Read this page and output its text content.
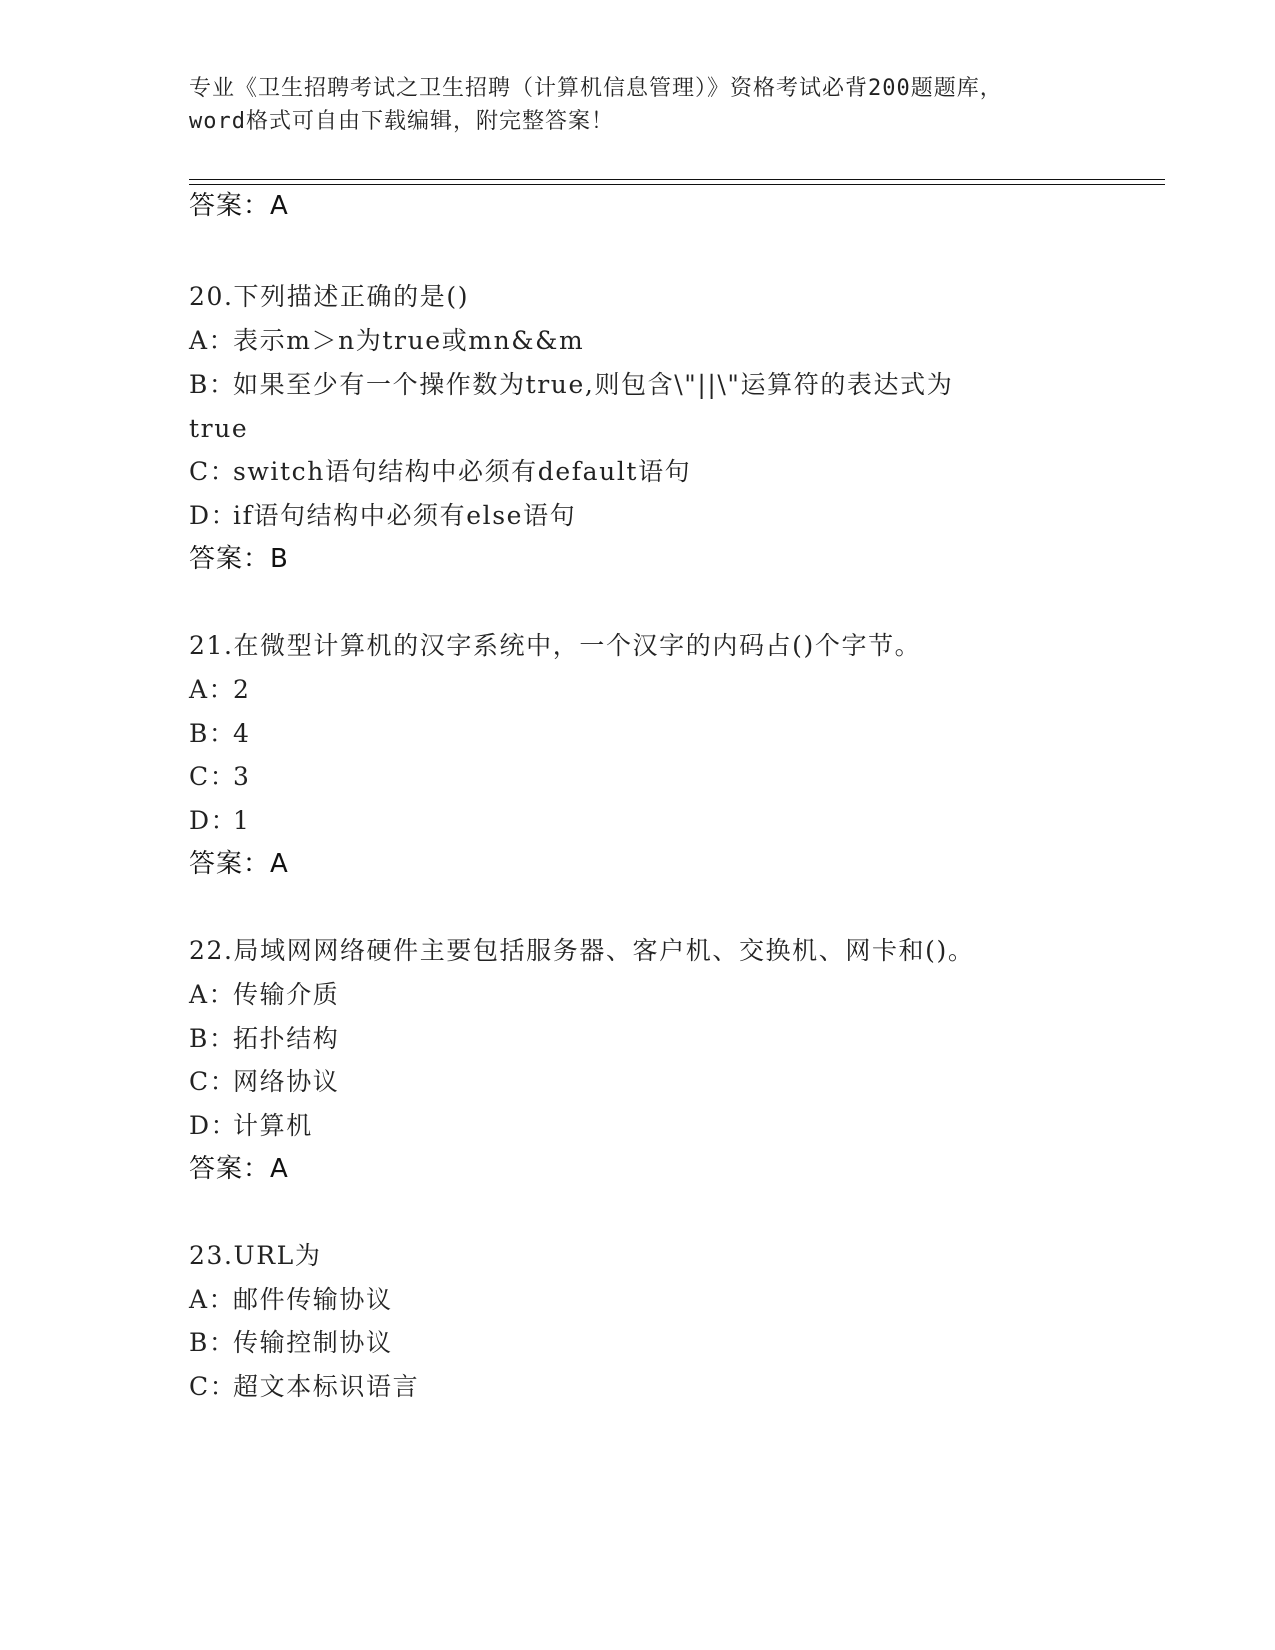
专业《卫生招聘考试之卫生招聘（计算机信息管理）》资格考试必背200题题库，
word格式可自由下载编辑，附完整答案！
答案：A
20.下列描述正确的是()
A：表示m＞n为true或mn&&m
B：如果至少有一个操作数为true,则包含\"||\"运算符的表达式为
true
C：switch语句结构中必须有default语句
D：if语句结构中必须有else语句
答案：B
21.在微型计算机的汉字系统中，一个汉字的内码占()个字节。
A：2
B：4
C：3
D：1
答案：A
22.局域网网络硬件主要包括服务器、客户机、交换机、网卡和()。
A：传输介质
B：拓扑结构
C：网络协议
D：计算机
答案：A
23.URL为
A：邮件传输协议
B：传输控制协议
C：超文本标识语言
